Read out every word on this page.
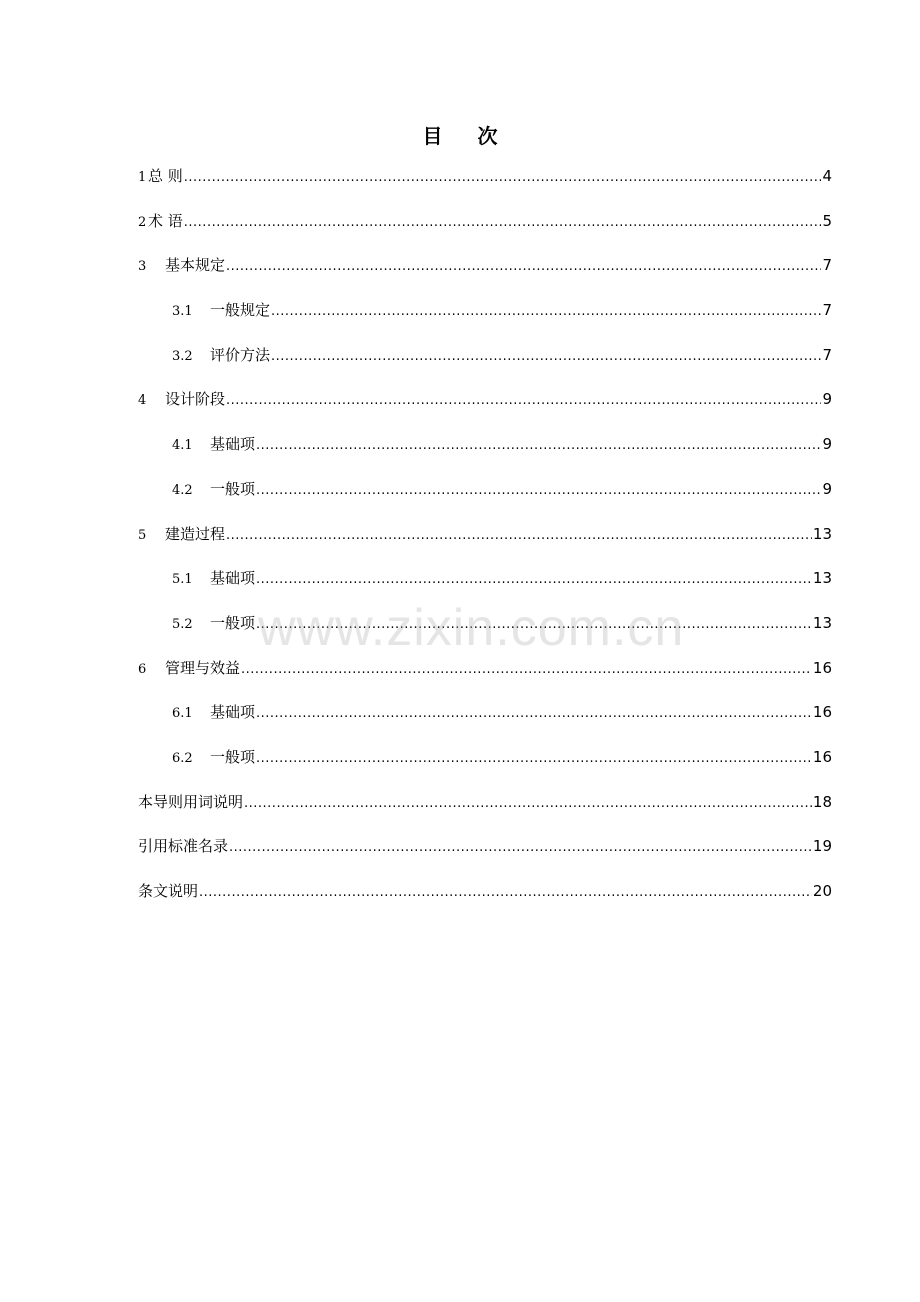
目 次
1 总 则 .....	4
2 术 语 .....	5
3	基本规定 .....	7
3.1	一般规定 .....	7
3.2	评价方法 .....	7
4	设计阶段 .....	9
4.1	基础项 .....	9
4.2	一般项 .....	9
5	建造过程 .....	13
5.1	基础项 .....	13
5.2	一般项 .....	13
6	管理与效益 .....	16
6.1	基础项 .....	16
6.2	一般项 .....	16
本导则用词说明 .....	18
引用标准名录 .....	19
条文说明 .....	20
www.zixin.com.cn
